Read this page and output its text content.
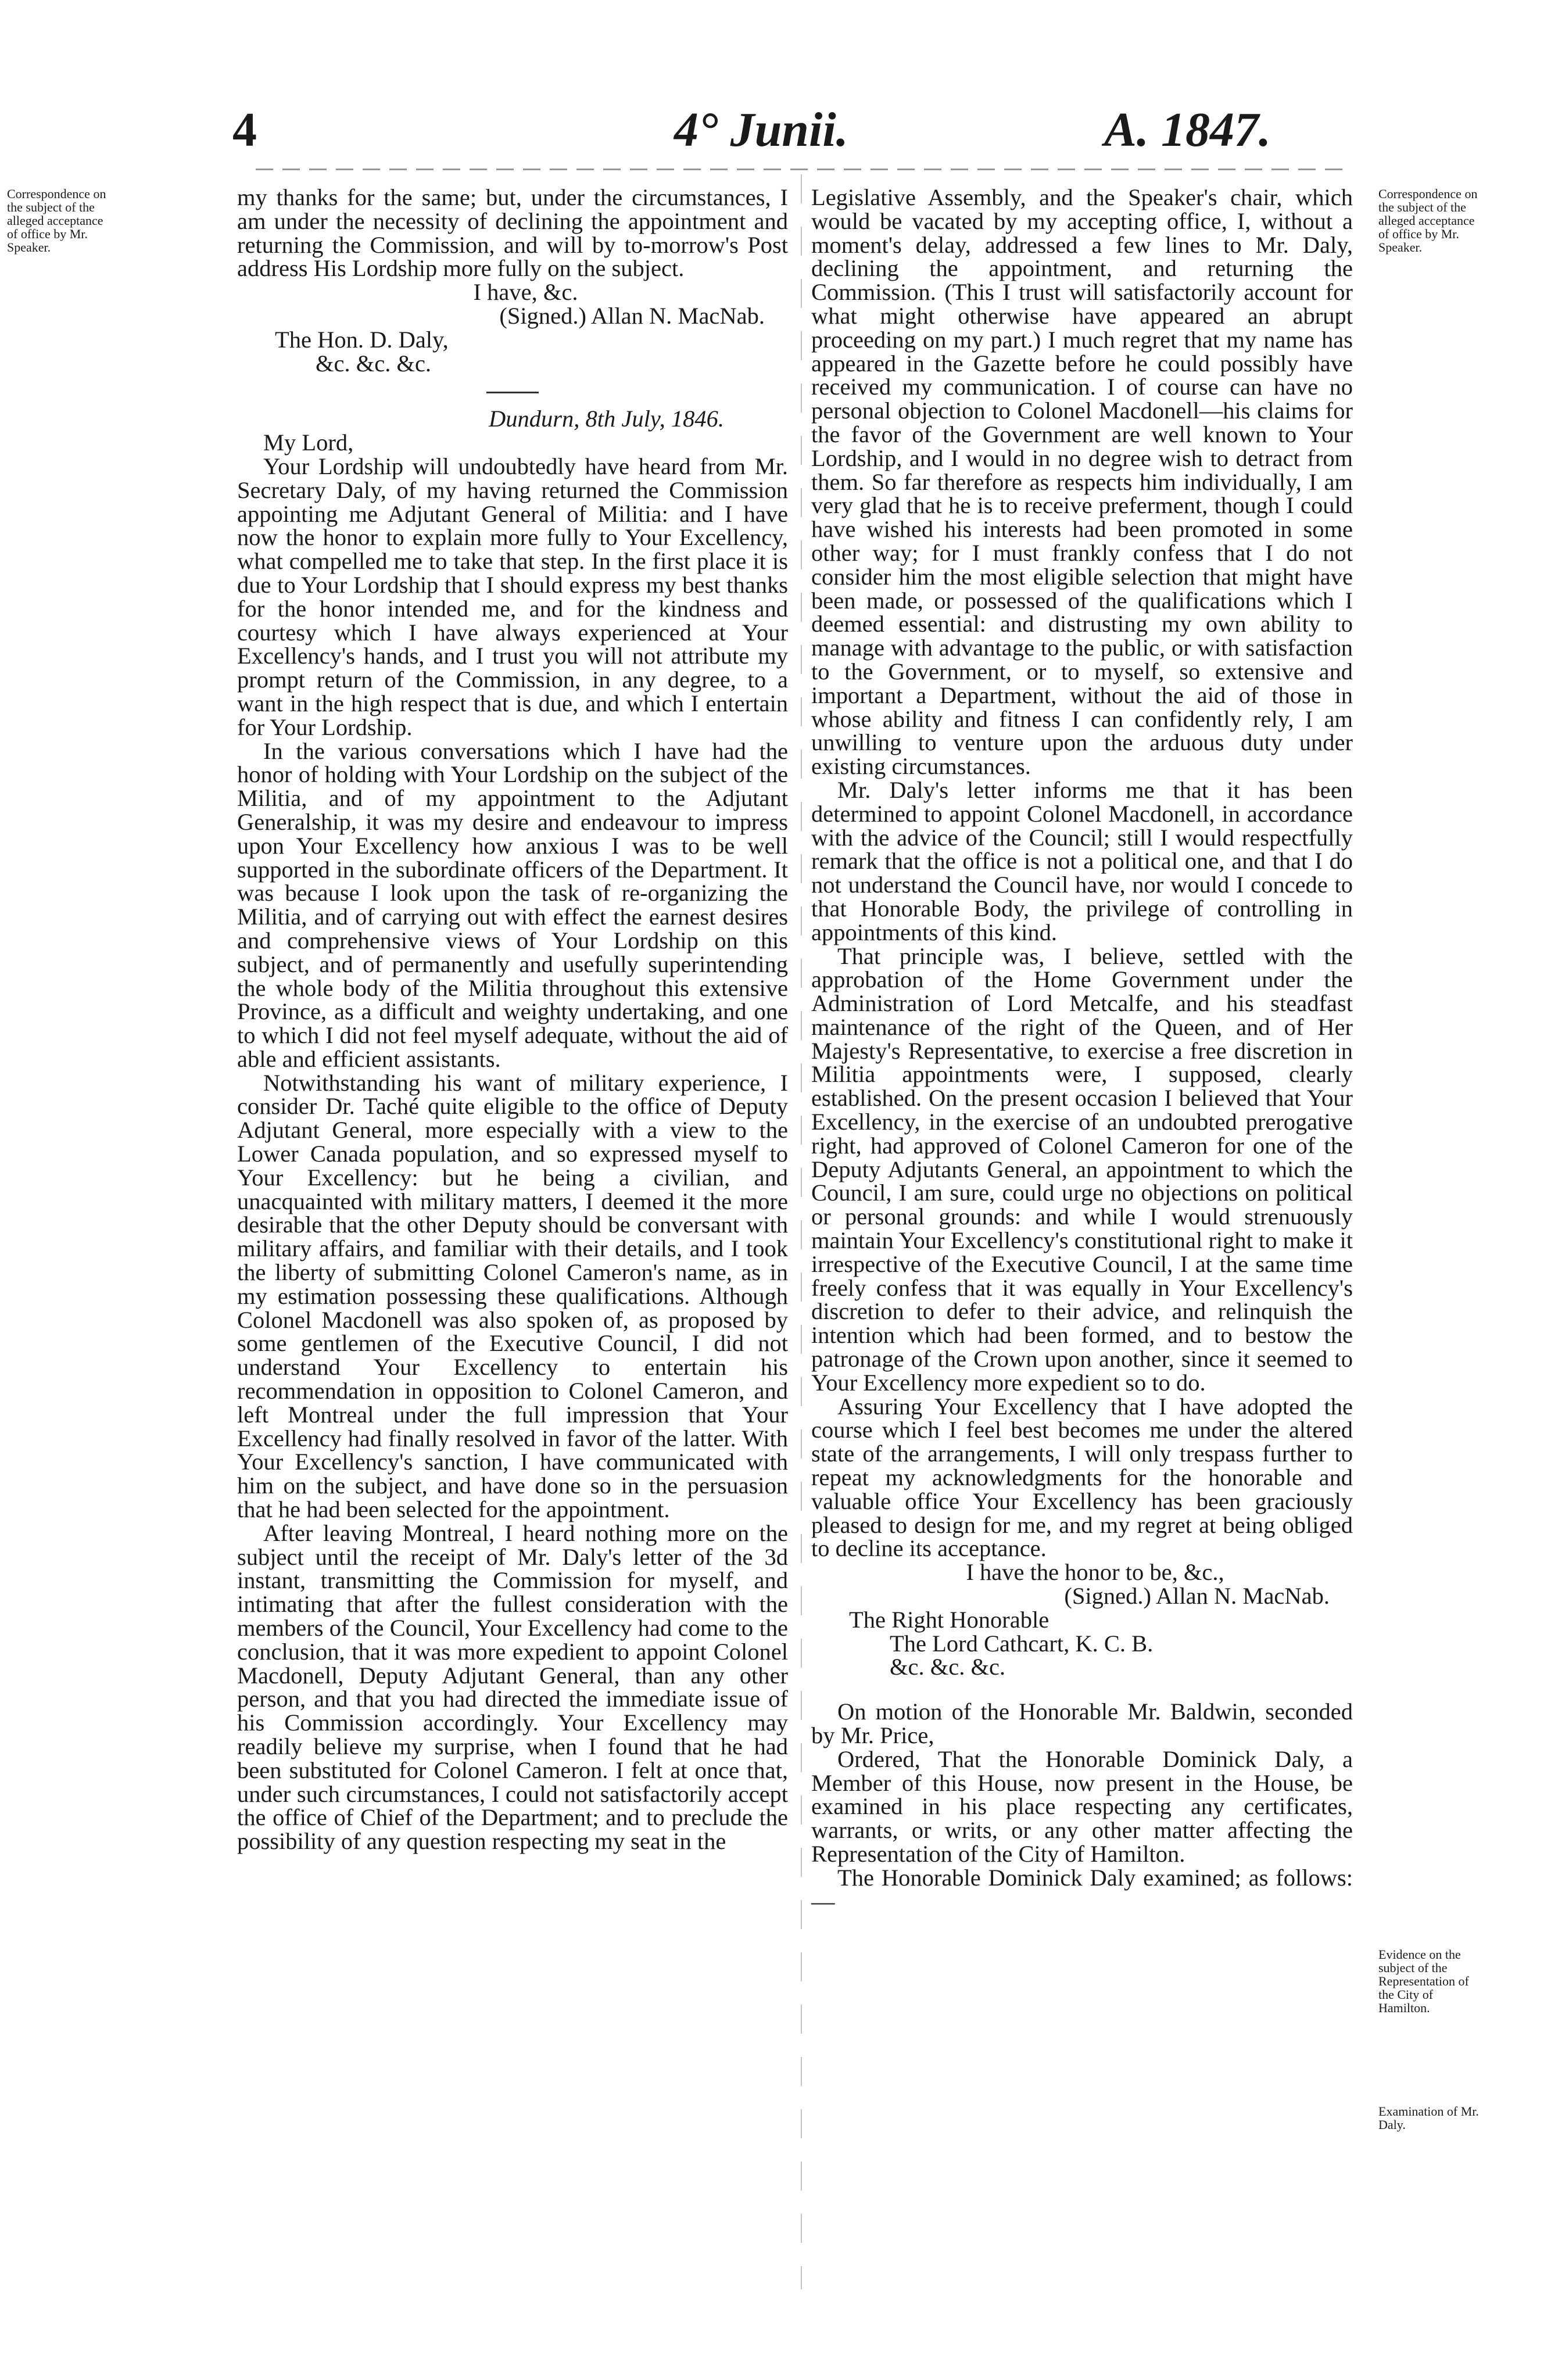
4	4° Junii.	A. 1847.
Correspondence on the subject of the alleged acceptance of office by Mr. Speaker.
Correspondence on the subject of the alleged acceptance of office by Mr. Speaker.
Evidence on the subject of the Representation of the City of Hamilton.
Examination of Mr. Daly.

my thanks for the same; but, under the circumstances, I am under the necessity of declining the appointment and returning the Commission, and will by to-morrow's Post address His Lordship more fully on the subject.

I have, &c.

(Signed.) Allan N. MacNab.

The Hon. D. Daly,

&c. &c. &c.

Dundurn, 8th July, 1846.

My Lord,

Your Lordship will undoubtedly have heard from Mr. Secretary Daly, of my having returned the Commission appointing me Adjutant General of Militia: and I have now the honor to explain more fully to Your Excellency, what compelled me to take that step. In the first place it is due to Your Lordship that I should express my best thanks for the honor intended me, and for the kindness and courtesy which I have always experienced at Your Excellency's hands, and I trust you will not attribute my prompt return of the Commission, in any degree, to a want in the high respect that is due, and which I entertain for Your Lordship.

In the various conversations which I have had the honor of holding with Your Lordship on the subject of the Militia, and of my appointment to the Adjutant Generalship, it was my desire and endeavour to impress upon Your Excellency how anxious I was to be well supported in the subordinate officers of the Department. It was because I look upon the task of re-organizing the Militia, and of carrying out with effect the earnest desires and comprehensive views of Your Lordship on this subject, and of permanently and usefully superintending the whole body of the Militia throughout this extensive Province, as a difficult and weighty undertaking, and one to which I did not feel myself adequate, without the aid of able and efficient assistants.

Notwithstanding his want of military experience, I consider Dr. Taché quite eligible to the office of Deputy Adjutant General, more especially with a view to the Lower Canada population, and so expressed myself to Your Excellency: but he being a civilian, and unacquainted with military matters, I deemed it the more desirable that the other Deputy should be conversant with military affairs, and familiar with their details, and I took the liberty of submitting Colonel Cameron's name, as in my estimation possessing these qualifications. Although Colonel Macdonell was also spoken of, as proposed by some gentlemen of the Executive Council, I did not understand Your Excellency to entertain his recommendation in opposition to Colonel Cameron, and left Montreal under the full impression that Your Excellency had finally resolved in favor of the latter. With Your Excellency's sanction, I have communicated with him on the subject, and have done so in the persuasion that he had been selected for the appointment.

After leaving Montreal, I heard nothing more on the subject until the receipt of Mr. Daly's letter of the 3d instant, transmitting the Commission for myself, and intimating that after the fullest consideration with the members of the Council, Your Excellency had come to the conclusion, that it was more expedient to appoint Colonel Macdonell, Deputy Adjutant General, than any other person, and that you had directed the immediate issue of his Commission accordingly. Your Excellency may readily believe my surprise, when I found that he had been substituted for Colonel Cameron. I felt at once that, under such circumstances, I could not satisfactorily accept the office of Chief of the Department; and to preclude the possibility of any question respecting my seat in the

Legislative Assembly, and the Speaker's chair, which would be vacated by my accepting office, I, without a moment's delay, addressed a few lines to Mr. Daly, declining the appointment, and returning the Commission. (This I trust will satisfactorily account for what might otherwise have appeared an abrupt proceeding on my part.) I much regret that my name has appeared in the Gazette before he could possibly have received my communication. I of course can have no personal objection to Colonel Macdonell—his claims for the favor of the Government are well known to Your Lordship, and I would in no degree wish to detract from them. So far therefore as respects him individually, I am very glad that he is to receive preferment, though I could have wished his interests had been promoted in some other way; for I must frankly confess that I do not consider him the most eligible selection that might have been made, or possessed of the qualifications which I deemed essential: and distrusting my own ability to manage with advantage to the public, or with satisfaction to the Government, or to myself, so extensive and important a Department, without the aid of those in whose ability and fitness I can confidently rely, I am unwilling to venture upon the arduous duty under existing circumstances.

Mr. Daly's letter informs me that it has been determined to appoint Colonel Macdonell, in accordance with the advice of the Council; still I would respectfully remark that the office is not a political one, and that I do not understand the Council have, nor would I concede to that Honorable Body, the privilege of controlling in appointments of this kind.

That principle was, I believe, settled with the approbation of the Home Government under the Administration of Lord Metcalfe, and his steadfast maintenance of the right of the Queen, and of Her Majesty's Representative, to exercise a free discretion in Militia appointments were, I supposed, clearly established. On the present occasion I believed that Your Excellency, in the exercise of an undoubted prerogative right, had approved of Colonel Cameron for one of the Deputy Adjutants General, an appointment to which the Council, I am sure, could urge no objections on political or personal grounds: and while I would strenuously maintain Your Excellency's constitutional right to make it irrespective of the Executive Council, I at the same time freely confess that it was equally in Your Excellency's discretion to defer to their advice, and relinquish the intention which had been formed, and to bestow the patronage of the Crown upon another, since it seemed to Your Excellency more expedient so to do.

Assuring Your Excellency that I have adopted the course which I feel best becomes me under the altered state of the arrangements, I will only trespass further to repeat my acknowledgments for the honorable and valuable office Your Excellency has been graciously pleased to design for me, and my regret at being obliged to decline its acceptance.

I have the honor to be, &c.,

(Signed.) Allan N. MacNab.

The Right Honorable

The Lord Cathcart, K. C. B.

&c. &c. &c.

On motion of the Honorable Mr. Baldwin, seconded by Mr. Price,

Ordered, That the Honorable Dominick Daly, a Member of this House, now present in the House, be examined in his place respecting any certificates, warrants, or writs, or any other matter affecting the Representation of the City of Hamilton.

The Honorable Dominick Daly examined; as follows:—
